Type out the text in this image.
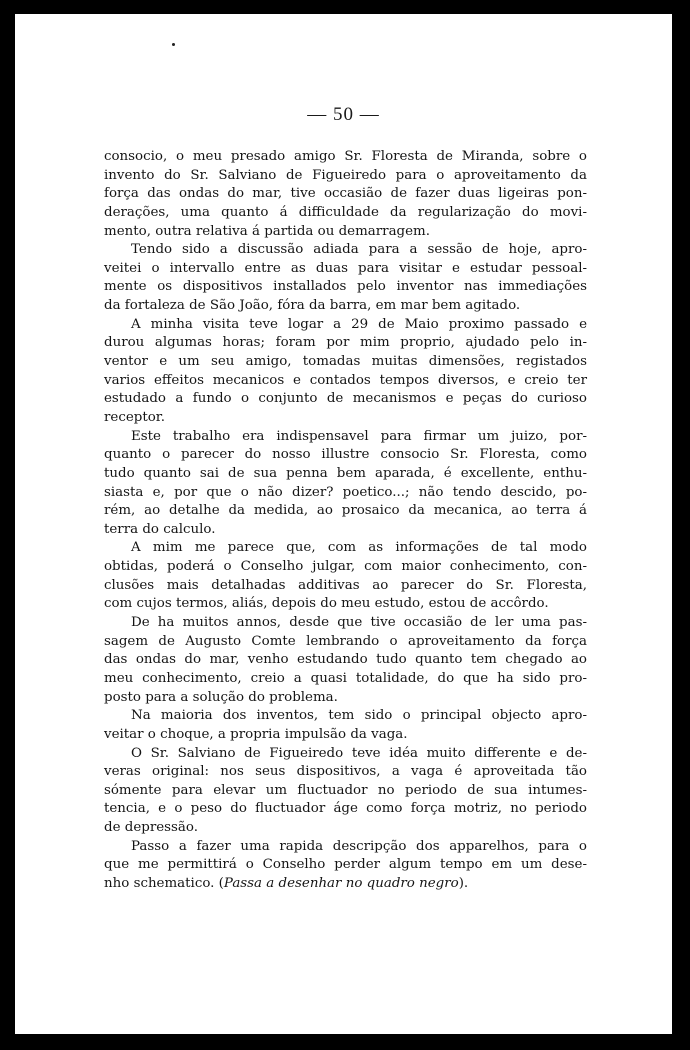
— 50 —
consocio, o meu presado amigo Sr. Floresta de Miranda, sobre o
invento do Sr. Salviano de Figueiredo para o aproveitamento da
força das ondas do mar, tive occasião de fazer duas ligeiras pon-
derações, uma quanto á difficuldade da regularização do movi-
mento, outra relativa á partida ou demarragem.
Tendo sido a discussão adiada para a sessão de hoje, apro-
veitei o intervallo entre as duas para visitar e estudar pessoal-
mente os dispositivos installados pelo inventor nas immediações
da fortaleza de São João, fóra da barra, em mar bem agitado.
A minha visita teve logar a 29 de Maio proximo passado e
durou algumas horas; foram por mim proprio, ajudado pelo in-
ventor e um seu amigo, tomadas muitas dimensões, registados
varios effeitos mecanicos e contados tempos diversos, e creio ter
estudado a fundo o conjunto de mecanismos e peças do curioso
receptor.
Este trabalho era indispensavel para firmar um juizo, por-
quanto o parecer do nosso illustre consocio Sr. Floresta, como
tudo quanto sai de sua penna bem aparada, é excellente, enthu-
siasta e, por que o não dizer? poetico...; não tendo descido, po-
rém, ao detalhe da medida, ao prosaico da mecanica, ao terra á
terra do calculo.
A mim me parece que, com as informações de tal modo
obtidas, poderá o Conselho julgar, com maior conhecimento, con-
clusões mais detalhadas additivas ao parecer do Sr. Floresta,
com cujos termos, aliás, depois do meu estudo, estou de accôrdo.
De ha muitos annos, desde que tive occasião de ler uma pas-
sagem de Augusto Comte lembrando o aproveitamento da força
das ondas do mar, venho estudando tudo quanto tem chegado ao
meu conhecimento, creio a quasi totalidade, do que ha sido pro-
posto para a solução do problema.
Na maioria dos inventos, tem sido o principal objecto apro-
veitar o choque, a propria impulsão da vaga.
O Sr. Salviano de Figueiredo teve idéa muito differente e de-
veras original: nos seus dispositivos, a vaga é aproveitada tão
sómente para elevar um fluctuador no periodo de sua intumes-
tencia, e o peso do fluctuador áge como força motriz, no periodo
de depressão.
Passo a fazer uma rapida descripção dos apparelhos, para o
que me permittirá o Conselho perder algum tempo em um dese-
nho schematico. (Passa a desenhar no quadro negro).
